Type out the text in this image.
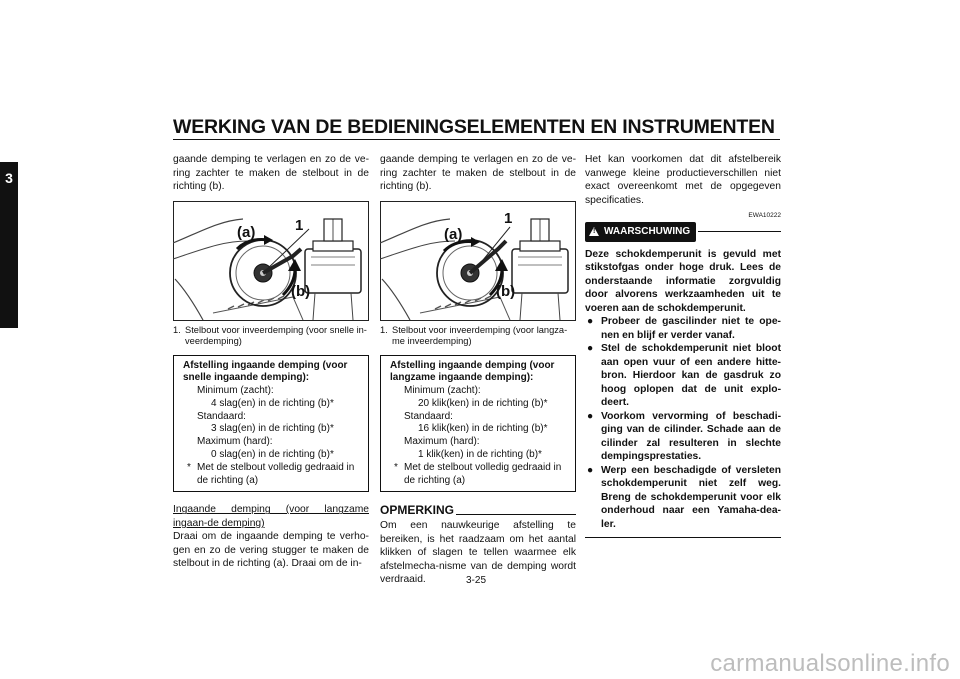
WERKING VAN DE BEDIENINGSELEMENTEN EN INSTRUMENTEN
3

gaande demping te verlagen en zo de ve-ring zachter te maken de stelbout in de richting (b).

(a)	1
(b)
1. Stelbout voor inveerdemping (voor snelle in-veerdemping)
Afstelling ingaande demping (voor snelle ingaande demping):
Minimum (zacht):
4 slag(en) in de richting (b)*
Standaard:
3 slag(en) in de richting (b)*
Maximum (hard):
0 slag(en) in de richting (b)*
* Met de stelbout volledig gedraaid in de richting (a)

Ingaande demping (voor langzame ingaan-de demping)

Draai om de ingaande demping te verho-gen en zo de vering stugger te maken de stelbout in de richting (a). Draai om de in-

gaande demping te verlagen en zo de ve-ring zachter te maken de stelbout in de richting (b).

(a)
1
(b)
1. Stelbout voor inveerdemping (voor langza-me inveerdemping)
Afstelling ingaande demping (voor langzame ingaande demping):
Minimum (zacht):
20 klik(ken) in de richting (b)*
Standaard:
16 klik(ken) in de richting (b)*
Maximum (hard):
1 klik(ken) in de richting (b)*
* Met de stelbout volledig gedraaid in de richting (a)
OPMERKING

Om een nauwkeurige afstelling te bereiken, is het raadzaam om het aantal klikken of slagen te tellen waarmee elk afstelmecha-nisme van de demping wordt verdraaid.

Het kan voorkomen dat dit afstelbereik vanwege kleine productieverschillen niet exact overeenkomt met de opgegeven specificaties.

EWA10222
! WAARSCHUWING

Deze schokdemperunit is gevuld met stikstofgas onder hoge druk. Lees de onderstaande informatie zorgvuldig door alvorens werkzaamheden uit te voeren aan de schokdemperunit.

● Probeer de gascilinder niet te ope-nen en blijf er verder vanaf.
● Stel de schokdemperunit niet bloot aan open vuur of een andere hitte-bron. Hierdoor kan de gasdruk zo hoog oplopen dat de unit explo-deert.
● Voorkom vervorming of beschadi-ging van de cilinder. Schade aan de cilinder zal resulteren in slechte dempingsprestaties.
● Werp een beschadigde of versleten schokdemperunit niet zelf weg. Breng de schokdemperunit voor elk onderhoud naar een Yamaha-dea-ler.
3-25
carmanualsonline.info
